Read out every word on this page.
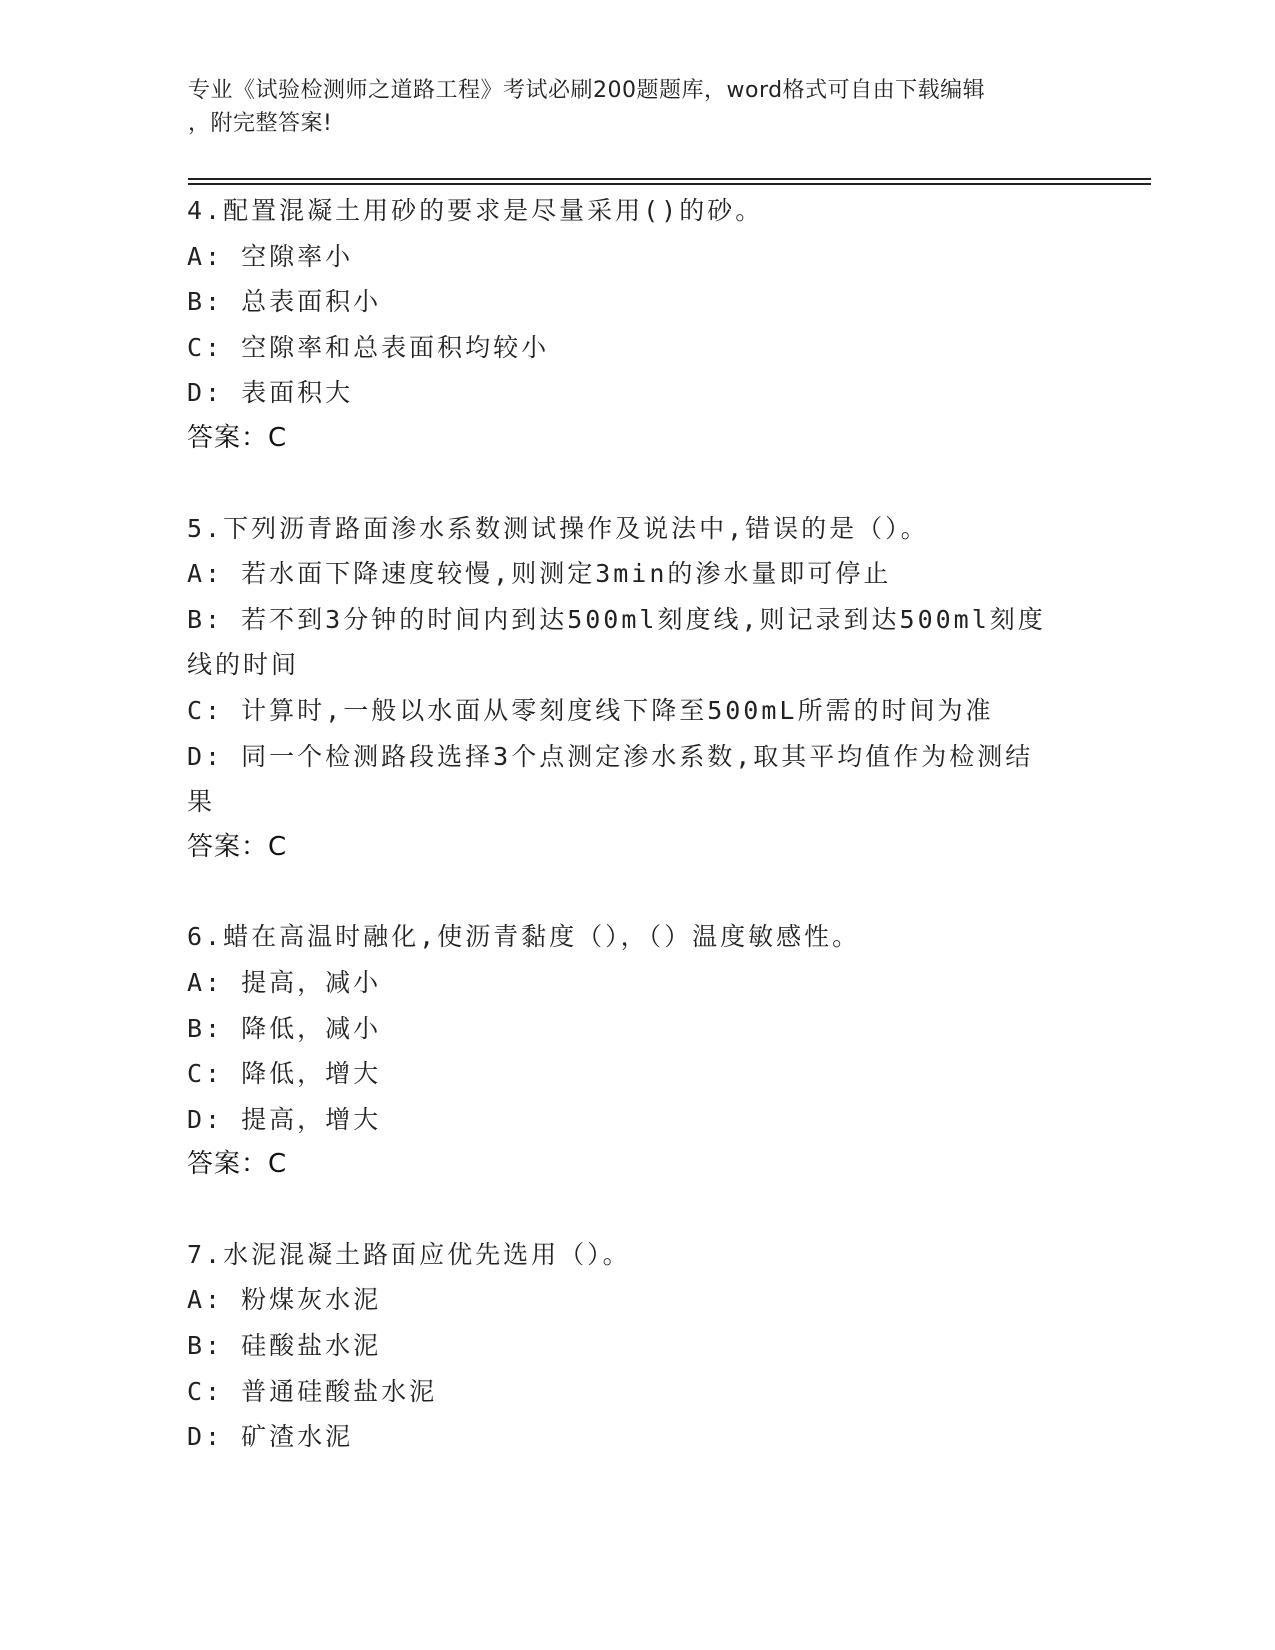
专业《试验检测师之道路工程》考试必刷200题题库，word格式可自由下载编辑
，附完整答案!
4.配置混凝土用砂的要求是尽量采用()的砂。
A: 空隙率小
B: 总表面积小
C: 空隙率和总表面积均较小
D: 表面积大
答案：C
5.下列沥青路面渗水系数测试操作及说法中,错误的是（）。
A: 若水面下降速度较慢,则测定3min的渗水量即可停止
B: 若不到3分钟的时间内到达500ml刻度线,则记录到达500ml刻度
线的时间
C: 计算时,一般以水面从零刻度线下降至500mL所需的时间为准
D: 同一个检测路段选择3个点测定渗水系数,取其平均值作为检测结
果
答案：C
6.蜡在高温时融化,使沥青黏度（），（）温度敏感性。
A: 提高，减小
B: 降低，减小
C: 降低，增大
D: 提高，增大
答案：C
7.水泥混凝土路面应优先选用（）。
A: 粉煤灰水泥
B: 硅酸盐水泥
C: 普通硅酸盐水泥
D: 矿渣水泥
